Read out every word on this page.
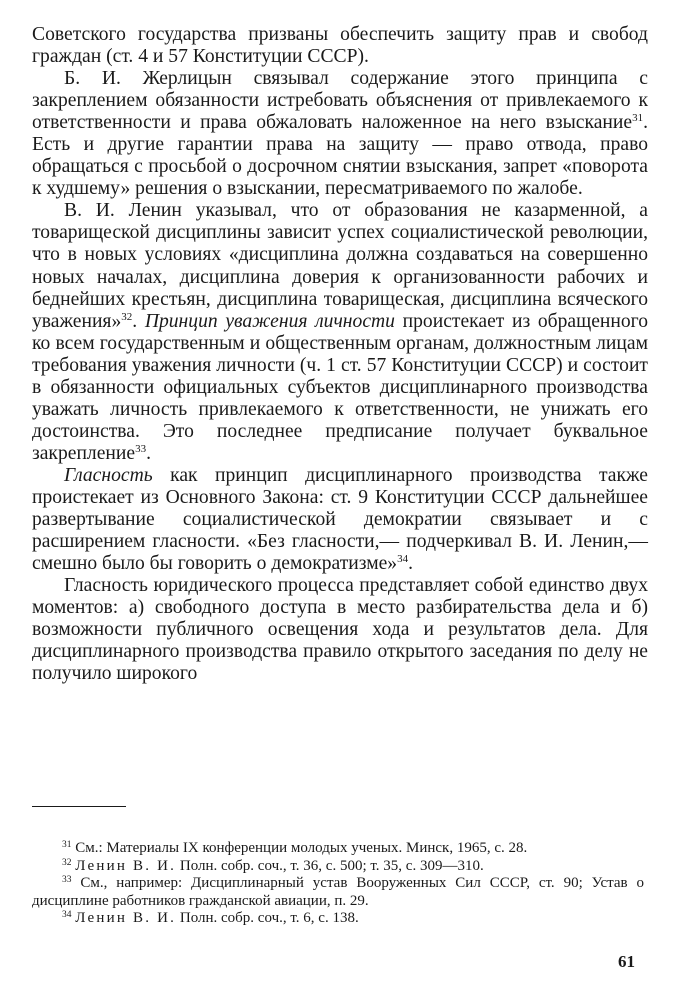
Советского государства призваны обеспечить защиту прав и свобод граждан (ст. 4 и 57 Конституции СССР).

Б. И. Жерлицын связывал содержание этого принципа с закреплением обязанности истребовать объяснения от привлекаемого к ответственности и права обжаловать наложенное на него взыскание$^{31}$. Есть и другие гарантии права на защиту — право отвода, право обращаться с просьбой о досрочном снятии взыскания, запрет «поворота к худшему» решения о взыскании, пересматриваемого по жалобе.

В. И. Ленин указывал, что от образования не казарменной, а товарищеской дисциплины зависит успех социалистической революции, что в новых условиях «дисциплина должна создаваться на совершенно новых началах, дисциплина доверия к организованности рабочих и беднейших крестьян, дисциплина товарищеская, дисциплина всяческого уважения»$^{32}$. Принцип уважения личности проистекает из обращенного ко всем государственным и общественным органам, должностным лицам требования уважения личности (ч. 1 ст. 57 Конституции СССР) и состоит в обязанности официальных субъектов дисциплинарного производства уважать личность привлекаемого к ответственности, не унижать его достоинства. Это последнее предписание получает буквальное закрепление$^{33}$.

Гласность как принцип дисциплинарного производства также проистекает из Основного Закона: ст. 9 Конституции СССР дальнейшее развертывание социалистической демократии связывает и с расширением гласности. «Без гласности,— подчеркивал В. И. Ленин,— смешно было бы говорить о демократизме»$^{34}$.

Гласность юридического процесса представляет собой единство двух моментов: а) свободного доступа в место разбирательства дела и б) возможности публичного освещения хода и результатов дела. Для дисциплинарного производства правило открытого заседания по делу не получило широкого

$^{31}$ См.: Материалы IX конференции молодых ученых. Минск, 1965, с. 28.

$^{32}$ Ленин В. И. Полн. собр. соч., т. 36, с. 500; т. 35, с. 309—310.

$^{33}$ См., например: Дисциплинарный устав Вооруженных Сил СССР, ст. 90; Устав о дисциплине работников гражданской авиации, п. 29.

$^{34}$ Ленин В. И. Полн. собр. соч., т. 6, с. 138.

61
